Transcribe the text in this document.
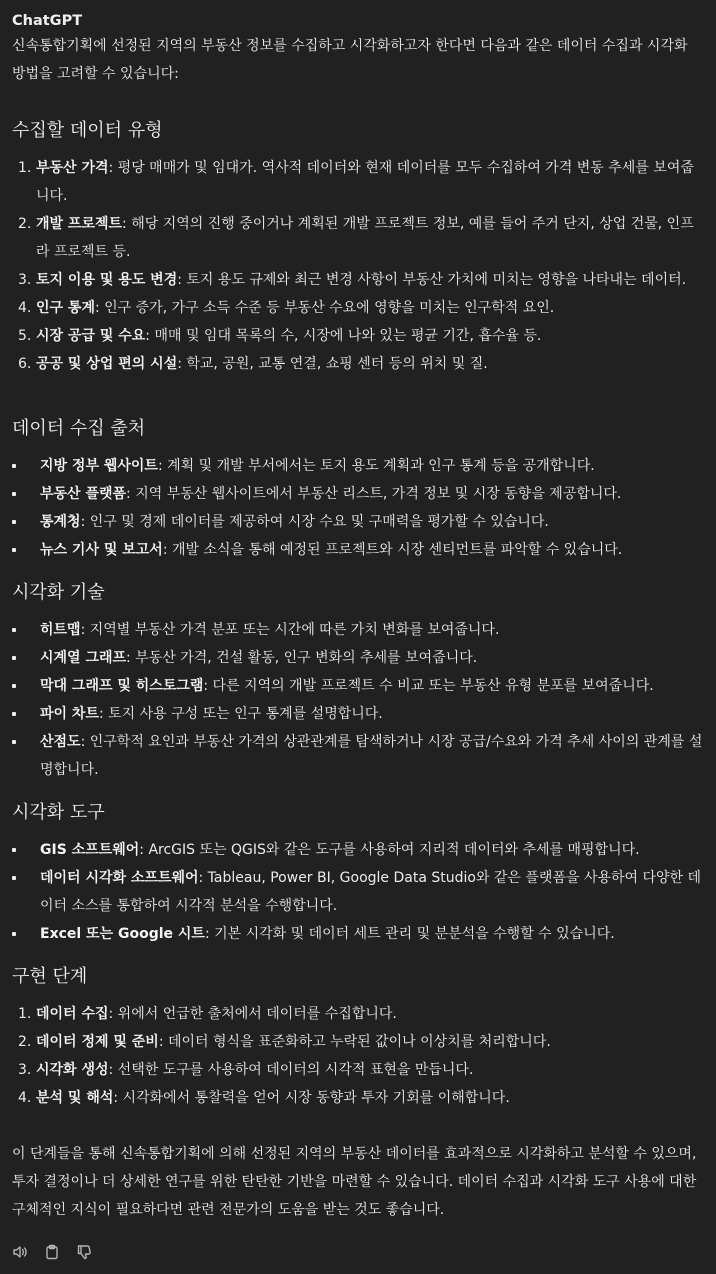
ChatGPT

신속통합기획에 선정된 지역의 부동산 정보를 수집하고 시각화하고자 한다면 다음과 같은 데이터 수집과 시각화 방법을 고려할 수 있습니다:

수집할 데이터 유형
1. 부동산 가격: 평당 매매가 및 임대가. 역사적 데이터와 현재 데이터를 모두 수집하여 가격 변동 추세를 보여줍니다.
2. 개발 프로젝트: 해당 지역의 진행 중이거나 계획된 개발 프로젝트 정보, 예를 들어 주거 단지, 상업 건물, 인프라 프로젝트 등.
3. 토지 이용 및 용도 변경: 토지 용도 규제와 최근 변경 사항이 부동산 가치에 미치는 영향을 나타내는 데이터.
4. 인구 통계: 인구 증가, 가구 소득 수준 등 부동산 수요에 영향을 미치는 인구학적 요인.
5. 시장 공급 및 수요: 매매 및 임대 목록의 수, 시장에 나와 있는 평균 기간, 흡수율 등.
6. 공공 및 상업 편의 시설: 학교, 공원, 교통 연결, 쇼핑 센터 등의 위치 및 질.
데이터 수집 출처
지방 정부 웹사이트: 계획 및 개발 부서에서는 토지 용도 계획과 인구 통계 등을 공개합니다.
부동산 플랫폼: 지역 부동산 웹사이트에서 부동산 리스트, 가격 정보 및 시장 동향을 제공합니다.
통계청: 인구 및 경제 데이터를 제공하여 시장 수요 및 구매력을 평가할 수 있습니다.
뉴스 기사 및 보고서: 개발 소식을 통해 예정된 프로젝트와 시장 센티먼트를 파악할 수 있습니다.
시각화 기술
히트맵: 지역별 부동산 가격 분포 또는 시간에 따른 가치 변화를 보여줍니다.
시계열 그래프: 부동산 가격, 건설 활동, 인구 변화의 추세를 보여줍니다.
막대 그래프 및 히스토그램: 다른 지역의 개발 프로젝트 수 비교 또는 부동산 유형 분포를 보여줍니다.
파이 차트: 토지 사용 구성 또는 인구 통계를 설명합니다.
산점도: 인구학적 요인과 부동산 가격의 상관관계를 탐색하거나 시장 공급/수요와 가격 추세 사이의 관계를 설명합니다.
시각화 도구
GIS 소프트웨어: ArcGIS 또는 QGIS와 같은 도구를 사용하여 지리적 데이터와 추세를 매핑합니다.
데이터 시각화 소프트웨어: Tableau, Power BI, Google Data Studio와 같은 플랫폼을 사용하여 다양한 데이터 소스를 통합하여 시각적 분석을 수행합니다.
Excel 또는 Google 시트: 기본 시각화 및 데이터 세트 관리 및 분분석을 수행할 수 있습니다.
구현 단계
1. 데이터 수집: 위에서 언급한 출처에서 데이터를 수집합니다.
2. 데이터 정제 및 준비: 데이터 형식을 표준화하고 누락된 값이나 이상치를 처리합니다.
3. 시각화 생성: 선택한 도구를 사용하여 데이터의 시각적 표현을 만듭니다.
4. 분석 및 해석: 시각화에서 통찰력을 얻어 시장 동향과 투자 기회를 이해합니다.

이 단계들을 통해 신속통합기획에 의해 선정된 지역의 부동산 데이터를 효과적으로 시각화하고 분석할 수 있으며, 투자 결정이나 더 상세한 연구를 위한 탄탄한 기반을 마련할 수 있습니다. 데이터 수집과 시각화 도구 사용에 대한 구체적인 지식이 필요하다면 관련 전문가의 도움을 받는 것도 좋습니다.
